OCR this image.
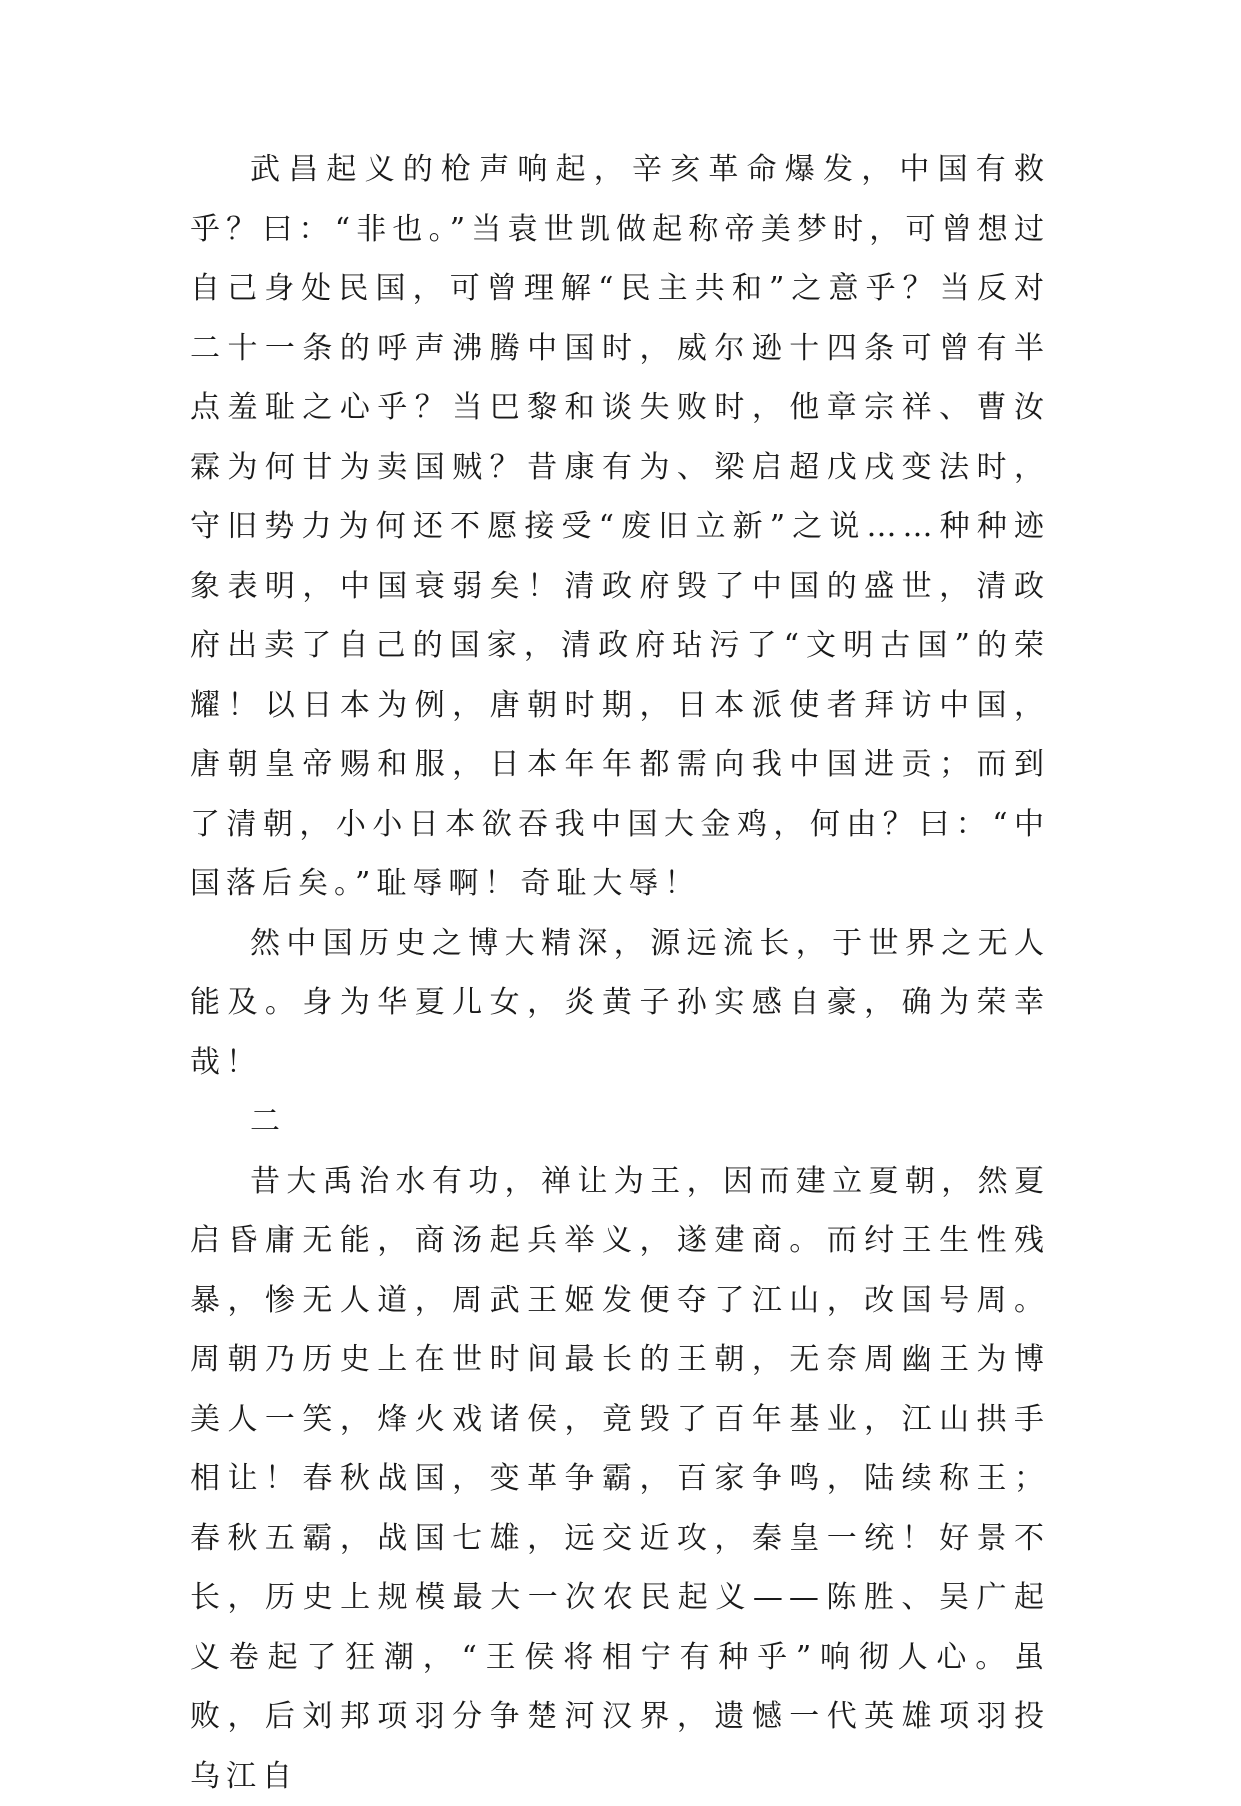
武昌起义的枪声响起，辛亥革命爆发，中国有救乎？曰：“非也。”当袁世凯做起称帝美梦时，可曾想过自己身处民国，可曾理解“民主共和”之意乎？当反对二十一条的呼声沸腾中国时，威尔逊十四条可曾有半点羞耻之心乎？当巴黎和谈失败时，他章宗祥、曹汝霖为何甘为卖国贼？昔康有为、梁启超戊戌变法时，守旧势力为何还不愿接受“废旧立新”之说……种种迹象表明，中国衰弱矣！清政府毁了中国的盛世，清政府出卖了自己的国家，清政府玷污了“文明古国”的荣耀！以日本为例，唐朝时期，日本派使者拜访中国，唐朝皇帝赐和服，日本年年都需向我中国进贡；而到了清朝，小小日本欲吞我中国大金鸡，何由？曰：“中国落后矣。”耻辱啊！奇耻大辱！

然中国历史之博大精深，源远流长，于世界之无人能及。身为华夏儿女，炎黄子孙实感自豪，确为荣幸哉！

二

昔大禹治水有功，禅让为王，因而建立夏朝，然夏启昏庸无能，商汤起兵举义，遂建商。而纣王生性残暴，惨无人道，周武王姬发便夺了江山，改国号周。周朝乃历史上在世时间最长的王朝，无奈周幽王为博美人一笑，烽火戏诸侯，竟毁了百年基业，江山拱手相让！春秋战国，变革争霸，百家争鸣，陆续称王；春秋五霸，战国七雄，远交近攻，秦皇一统！好景不长，历史上规模最大一次农民起义——陈胜、吴广起义卷起了狂潮，“王侯将相宁有种乎”响彻人心。虽败，后刘邦项羽分争楚河汉界，遗憾一代英雄项羽投乌江自
